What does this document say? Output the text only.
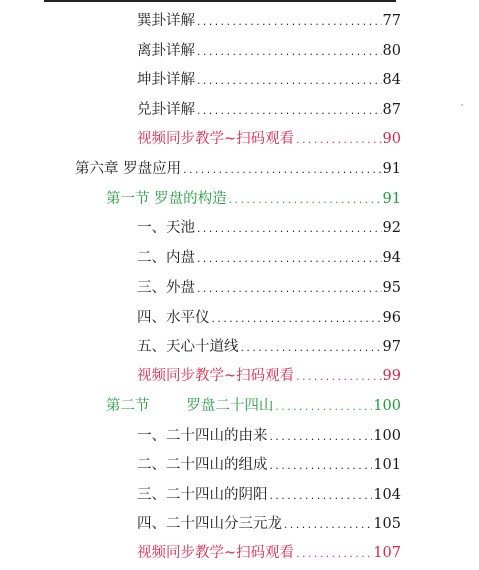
巽卦详解 .....	77
离卦详解 .....	80
坤卦详解 .....	84
兑卦详解 .....	87
视频同步教学~扫码观看 .....	90
第六章 罗盘应用 .....	91
第一节 罗盘的构造 .....	91
一、天池 .....	92
二、内盘 .....	94
三、外盘 .....	95
四、水平仪 .....	96
五、天心十道线 .....	97
视频同步教学~扫码观看 .....	99
第二节        罗盘二十四山 .....	100
一、二十四山的由来 .....	100
二、二十四山的组成 .....	101
三、二十四山的阴阳 .....	104
四、二十四山分三元龙 .....	105
视频同步教学~扫码观看 .....	107
